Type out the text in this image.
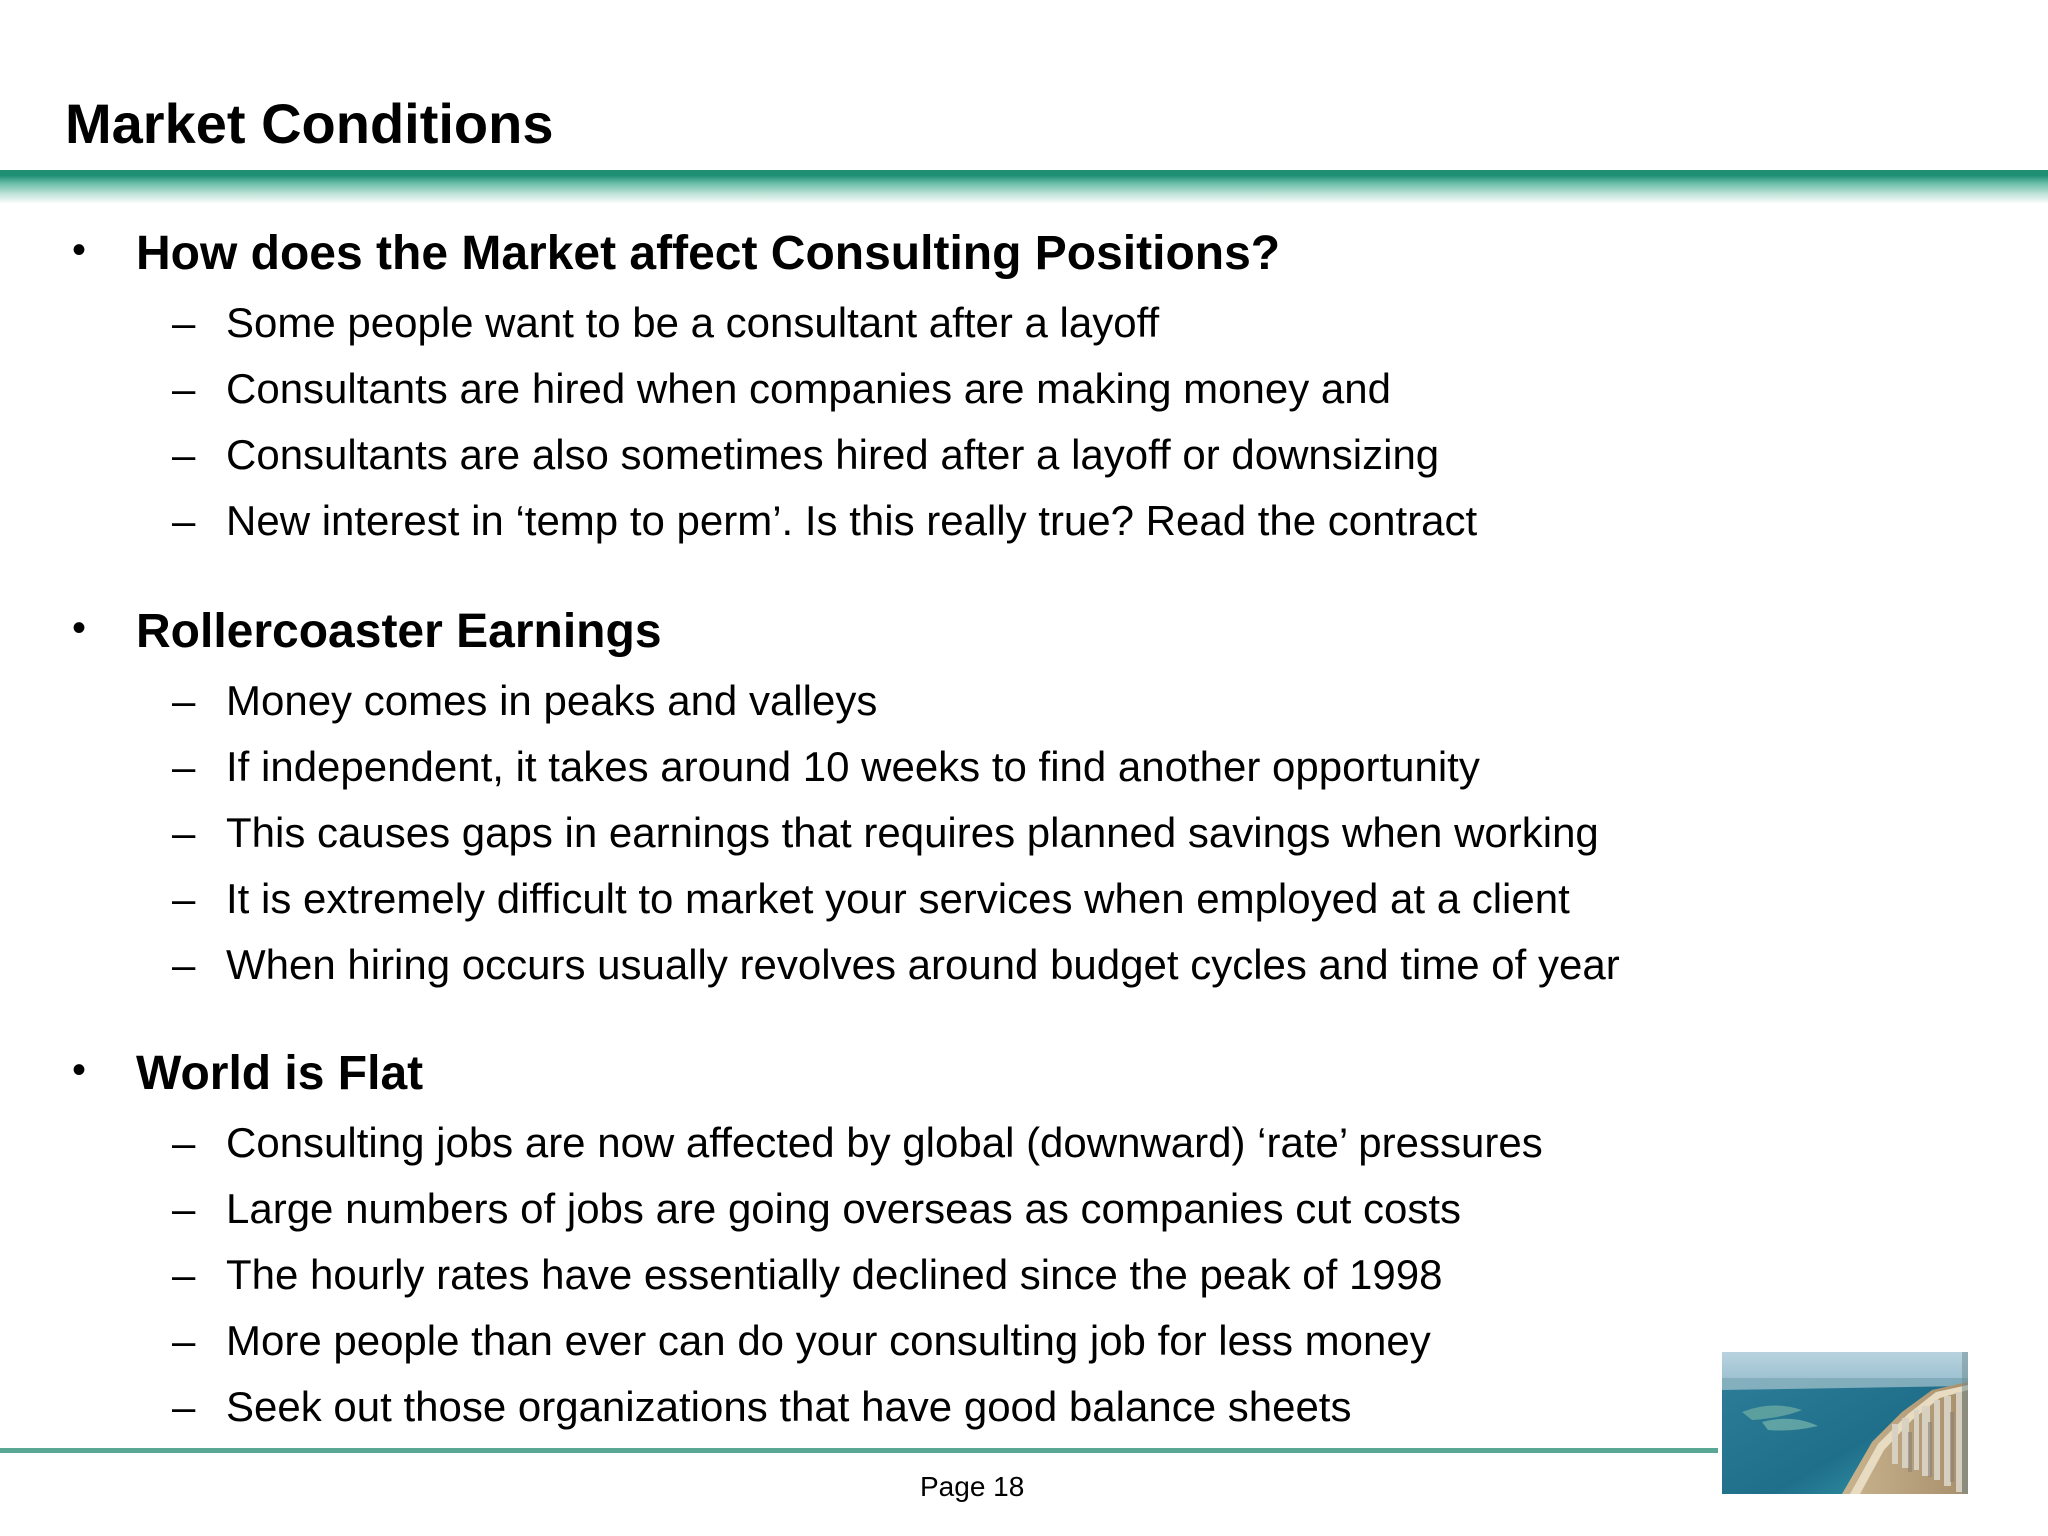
Market Conditions
• How does the Market affect Consulting Positions?
– Some people want to be a consultant after a layoff
– Consultants are hired when companies are making money and
– Consultants are also sometimes hired after a layoff or downsizing
– New interest in ‘temp to perm’. Is this really true? Read the contract
• Rollercoaster Earnings
– Money comes in peaks and valleys
– If independent, it takes around 10 weeks to find another opportunity
– This causes gaps in earnings that requires planned savings when working
– It is extremely difficult to market your services when employed at a client
– When hiring occurs usually revolves around budget cycles and time of year
• World is Flat
– Consulting jobs are now affected by global (downward) ‘rate’ pressures
– Large numbers of jobs are going overseas as companies cut costs
– The hourly rates have essentially declined since the peak of 1998
– More people than ever can do your consulting job for less money
– Seek out those organizations that have good balance sheets
Page 18
